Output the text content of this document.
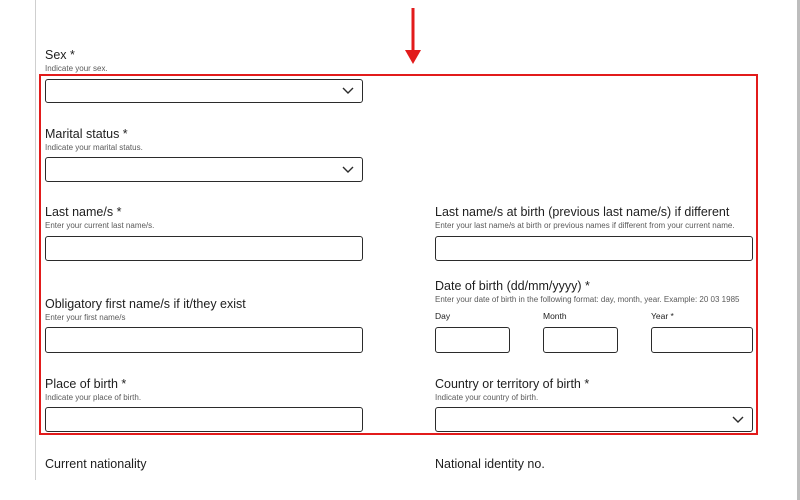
Sex *
Indicate your sex.
Marital status *
Indicate your marital status.
Last name/s *
Enter your current last name/s.
Last name/s at birth (previous last name/s) if different
Enter your last name/s at birth or previous names if different from your current name.
Obligatory first name/s if it/they exist
Enter your first name/s
Date of birth (dd/mm/yyyy) *
Enter your date of birth in the following format: day, month, year. Example: 20 03 1985
Day	Month	Year *
Place of birth *
Indicate your place of birth.
Country or territory of birth *
Indicate your country of birth.
Current nationality	National identity no.
